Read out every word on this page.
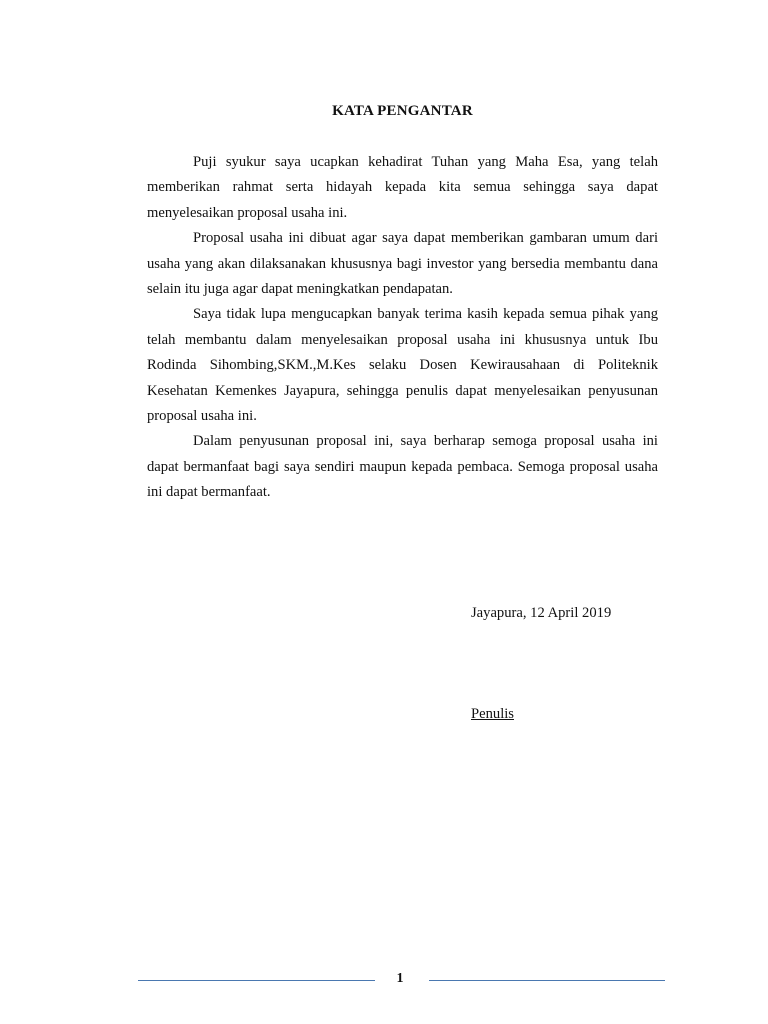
KATA PENGANTAR

Puji syukur saya ucapkan kehadirat Tuhan yang Maha Esa, yang telah memberikan rahmat serta hidayah kepada kita semua sehingga saya dapat menyelesaikan proposal usaha ini.

Proposal usaha ini dibuat agar saya dapat memberikan gambaran umum dari usaha yang akan dilaksanakan khususnya bagi investor yang bersedia membantu dana selain itu juga agar dapat meningkatkan pendapatan.

Saya tidak lupa mengucapkan banyak terima kasih kepada semua pihak yang telah membantu dalam menyelesaikan proposal usaha ini khususnya untuk Ibu Rodinda Sihombing,SKM.,M.Kes selaku Dosen Kewirausahaan di Politeknik Kesehatan Kemenkes Jayapura, sehingga penulis dapat menyelesaikan penyusunan proposal usaha ini.

Dalam penyusunan proposal ini, saya berharap semoga proposal usaha ini dapat bermanfaat bagi saya sendiri maupun kepada pembaca. Semoga proposal usaha ini dapat bermanfaat.

Jayapura, 12 April 2019
Penulis
1
